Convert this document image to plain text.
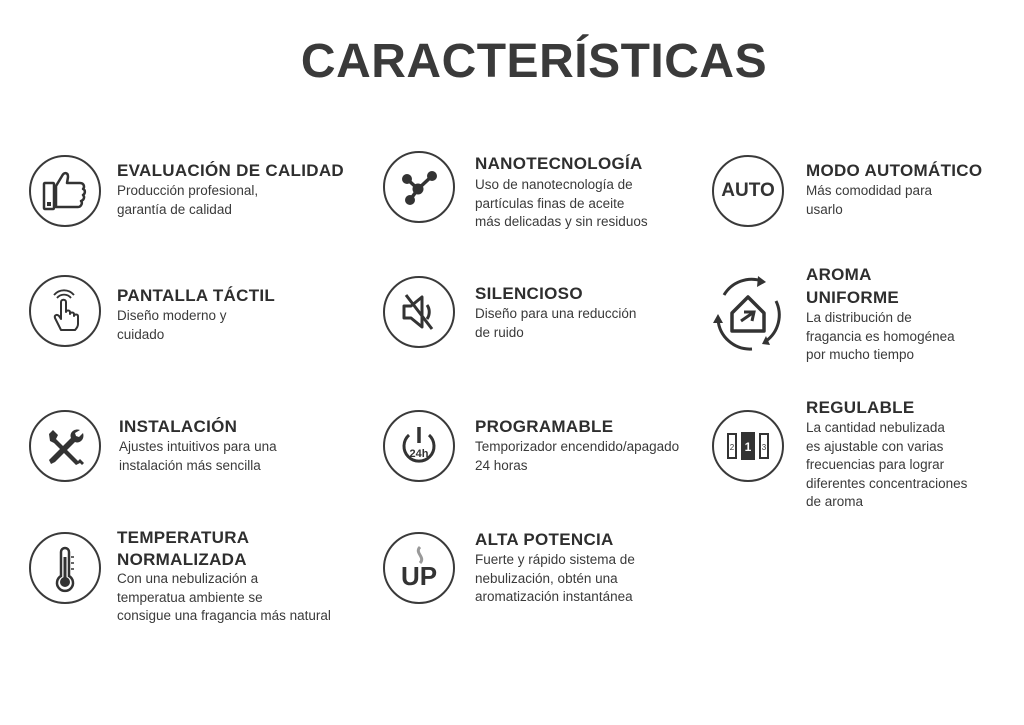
CARACTERÍSTICAS
EVALUACIÓN DE CALIDAD
Producción profesional,
garantía de calidad
NANOTECNOLOGÍA
Uso de nanotecnología de
partículas finas de aceite
más delicadas y sin residuos
AUTO
MODO AUTOMÁTICO
Más comodidad para
usarlo
PANTALLA TÁCTIL
Diseño moderno y
cuidado
SILENCIOSO
Diseño para una reducción
de ruido
AROMA
UNIFORME
La distribución de
fragancia es homogénea
por mucho tiempo
INSTALACIÓN
Ajustes intuitivos para una
instalación más sencilla
24h
PROGRAMABLE
Temporizador encendido/apagado
24 horas
2 1 3
REGULABLE
La cantidad nebulizada
es ajustable con varias
frecuencias para lograr
diferentes concentraciones
de aroma
TEMPERATURA
NORMALIZADA
Con una nebulización a
temperatua ambiente se
consigue una fragancia más natural
UP
ALTA POTENCIA
Fuerte y rápido sistema de
nebulización, obtén una
aromatización instantánea
